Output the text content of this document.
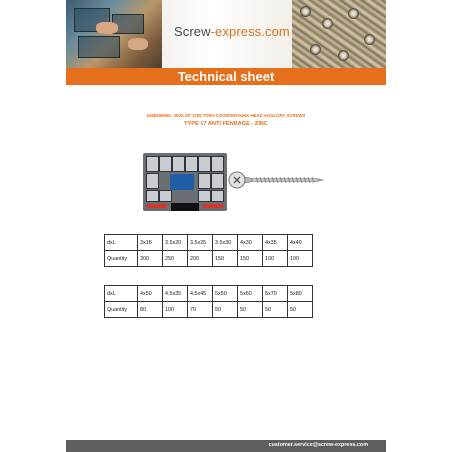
Screw-express.com
Technical sheet
2365000055 - BOX OF 1700 TORX COUNTERSUNK HEAD AGGLORY SCREWS
TYPE 17 ANTI FENDAGE - ZINC
dxL	3x16	3.5x20	3.5x25	3.5x30	4x30	4x35	4x40
Quantity	300	250	200	150	150	100	100
dxL	4x50	4.5x35	4.5x45	5x50	5x60	5x70	5x80
Quantity	80	100	70	50	50	50	50
customer.service@screw-express.com
